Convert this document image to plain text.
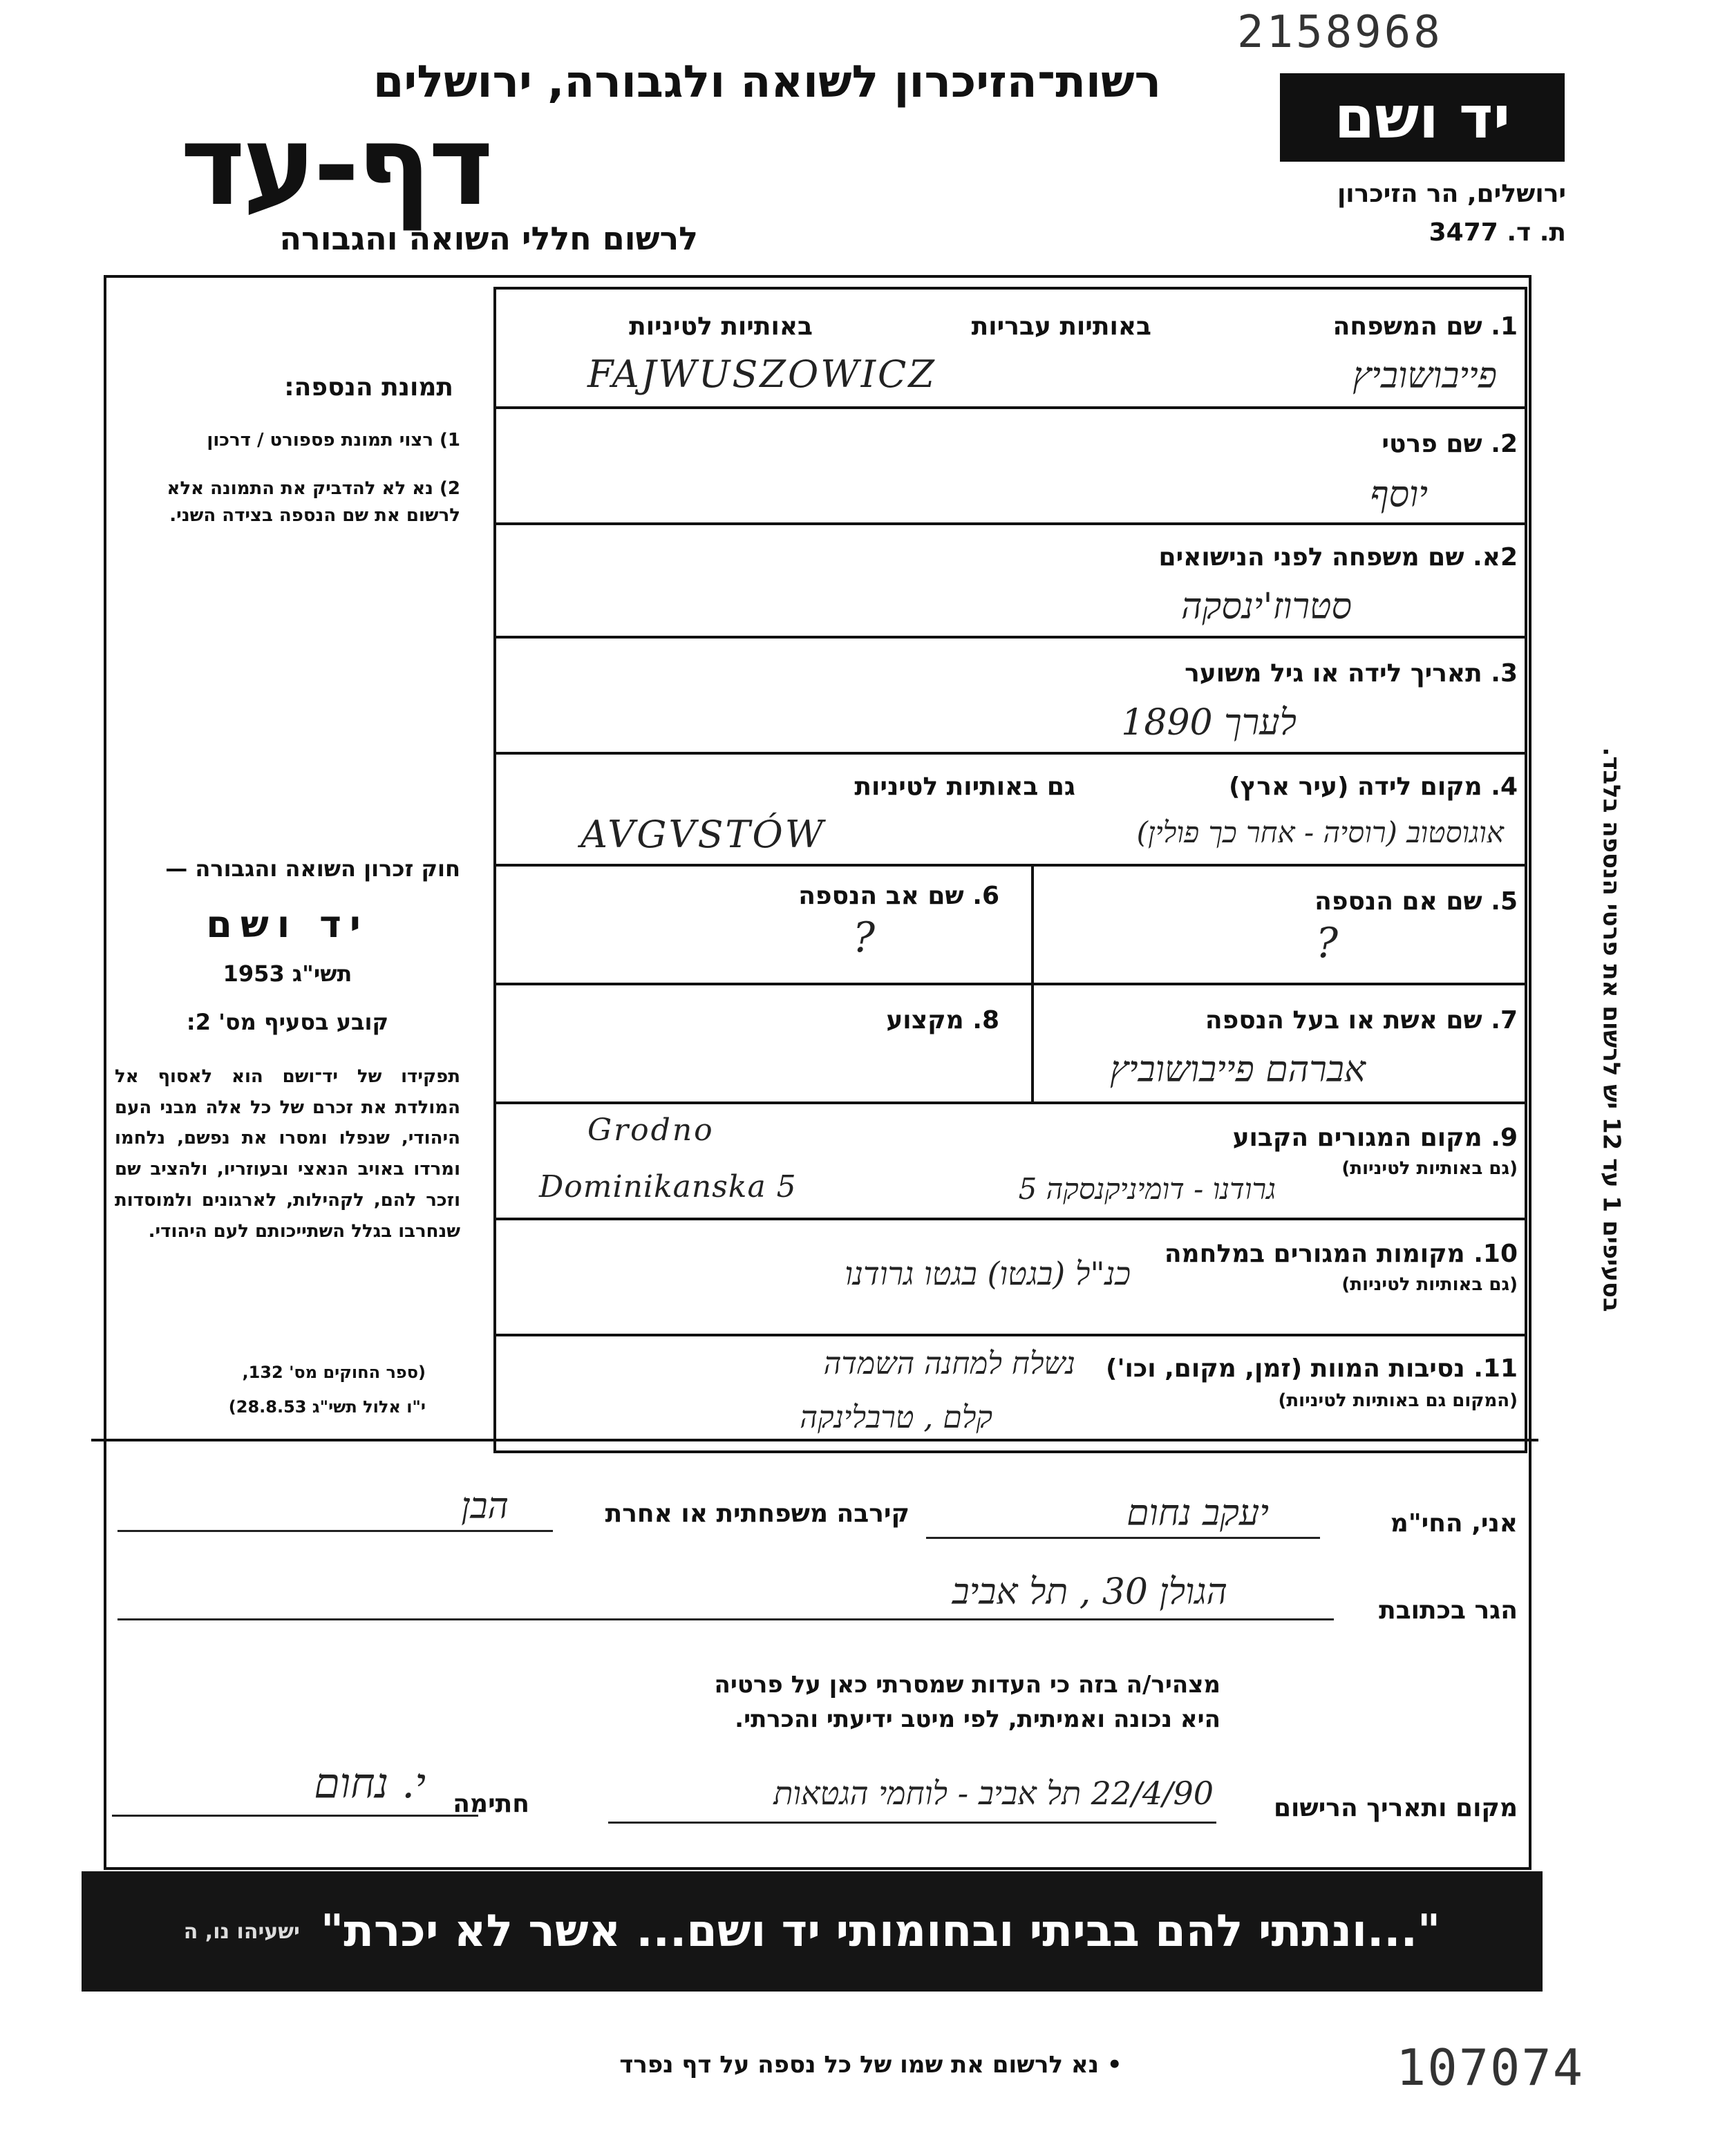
2158968
רשות־הזיכרון לשואה ולגבורה, ירושלים
דף-עד
לרשום חללי השואה והגבורה
יד ושם
ירושלים, הר הזיכרון
ת. ד. 3477
בסעיפים 1 עד 12 יש לרשום את פרטי הנספה בלבד.
תמונת הנספה:
1) רצוי תמונת פספורט / דרכון
2) נא לא להדביק את התמונה אלא לרשום את שם הנספה בצידה השני.
חוק זכרון השואה והגבורה —
יד ושם
תשי"ג 1953
קובע בסעיף מס' 2:
תפקידו של יד־ושם הוא לאסוף אל המולדת את זכרם של כל אלה מבני העם היהודי, שנפלו ומסרו את נפשם, נלחמו ומרדו באויב הנאצי ובעוזריו, ולהציב שם וזכר להם, לקהילות, לארגונים ולמוסדות שנחרבו בגלל השתייכותם לעם היהודי.
(ספר החוקים מס' 132,
י"ו אלול תשי"ג 28.8.53)
1. שם המשפחה
באותיות עבריות
באותיות לטיניות
פייבושוביץ
FAJWUSZOWICZ
2. שם פרטי
יוסף
2א. שם משפחה לפני הנישואים
סטרוז'ינסקה
3. תאריך לידה או גיל משוער
לערך 1890
4. מקום לידה (עיר ארץ)
גם באותיות לטיניות
אוגוסטוב (רוסיה - אחר כך פולין)
AVGVSTÓW
5. שם אם הנספה
?
6. שם אב הנספה
?
7. שם אשת או בעל הנספה
אברהם פייבושוביץ
8. מקצוע
9. מקום המגורים הקבוע
(גם באותיות לטיניות)
Grodno
Dominikanska 5	גרודנו - דומיניקנסקה 5
10. מקומות המגורים במלחמה
(גם באותיות לטיניות)
כנ"ל (בגטו) בגטו גרודנו
11. נסיבות המוות (זמן, מקום, וכו')
(המקום גם באותיות לטיניות)
נשלח למחנה השמדה
קלם , טרבלינקה
אני, החי"מ
יעקב נחום
קירבה משפחתית או אחרת
הבן
הגר בכתובת
הגולן 30 , תל אביב
מצהיר/ה בזה כי העדות שמסרתי כאן על פרטיה
היא נכונה ואמיתית, לפי מיטב ידיעתי והכרתי.
מקום ותאריך הרישום
22/4/90 תל אביב - לוחמי הגטאות
חתימה
י. נחום
"...ונתתי להם בביתי ובחומותי יד ושם... אשר לא יכרת"
ישעיהו נו, ה
• נא לרשום את שמו של כל נספה על דף נפרד	107074
